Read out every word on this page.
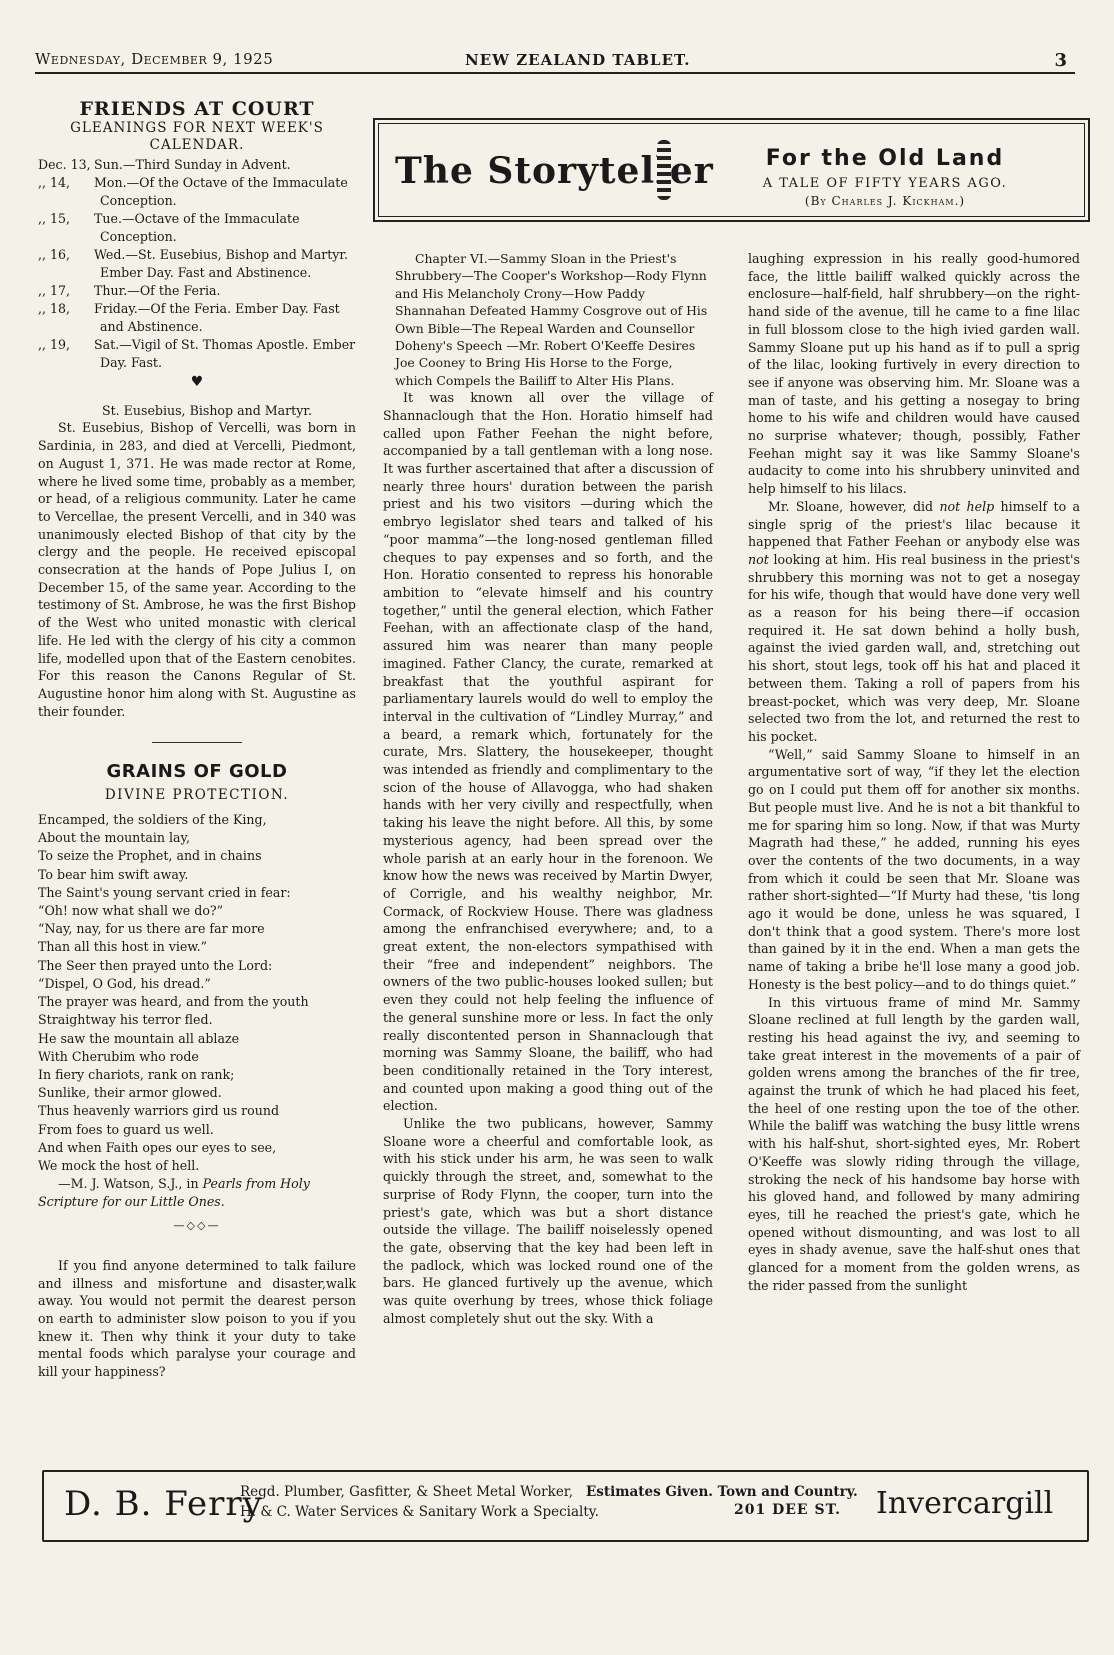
Wednesday, December 9, 1925	NEW ZEALAND TABLET.	3
FRIENDS AT COURT
GLEANINGS FOR NEXT WEEK'S CALENDAR.
Dec. 13, Sun.—Third Sunday in Advent.
,, 14, Mon.—Of the Octave of the Immaculate Conception.
,, 15, Tue.—Octave of the Immaculate Conception.
,, 16, Wed.—St. Eusebius, Bishop and Martyr. Ember Day. Fast and Abstinence.
,, 17, Thur.—Of the Feria.
,, 18, Friday.—Of the Feria. Ember Day. Fast and Abstinence.
,, 19, Sat.—Vigil of St. Thomas Apostle. Ember Day. Fast.
♥

St. Eusebius, Bishop and Martyr.

St. Eusebius, Bishop of Vercelli, was born in Sardinia, in 283, and died at Vercelli, Piedmont, on August 1, 371. He was made rector at Rome, where he lived some time, probably as a member, or head, of a religious community. Later he came to Vercellae, the present Vercelli, and in 340 was unanimously elected Bishop of that city by the clergy and the people. He received episcopal consecration at the hands of Pope Julius I, on December 15, of the same year. According to the testimony of St. Ambrose, he was the first Bishop of the West who united monastic with clerical life. He led with the clergy of his city a common life, modelled upon that of the Eastern cenobites. For this reason the Canons Regular of St. Augustine honor him along with St. Augustine as their founder.

GRAINS OF GOLD
DIVINE PROTECTION.
Encamped, the soldiers of the King,
About the mountain lay,
To seize the Prophet, and in chains
To bear him swift away.
The Saint's young servant cried in fear:
“Oh! now what shall we do?”
“Nay, nay, for us there are far more
Than all this host in view.”
The Seer then prayed unto the Lord:
“Dispel, O God, his dread.”
The prayer was heard, and from the youth
Straightway his terror fled.
He saw the mountain all ablaze
With Cherubim who rode
In fiery chariots, rank on rank;
Sunlike, their armor glowed.
Thus heavenly warriors gird us round
From foes to guard us well.
And when Faith opes our eyes to see,
We mock the host of hell.

—M. J. Watson, S.J., in Pearls from Holy Scripture for our Little Ones.

—◇◇—

If you find anyone determined to talk failure and illness and misfortune and disaster,walk away. You would not permit the dearest person on earth to administer slow poison to you if you knew it. Then why think it your duty to take mental foods which paralyse your courage and kill your happiness?

The Storyteller	For the Old Land
A TALE OF FIFTY YEARS AGO.
(By Charles J. Kickham.)

Chapter VI.—Sammy Sloan in the Priest's Shrubbery—The Cooper's Workshop—Rody Flynn and His Melancholy Crony—How Paddy Shannahan Defeated Hammy Cosgrove out of His Own Bible—The Repeal Warden and Counsellor Doheny's Speech —Mr. Robert O'Keeffe Desires Joe Cooney to Bring His Horse to the Forge, which Compels the Bailiff to Alter His Plans.

It was known all over the village of Shannaclough that the Hon. Horatio himself had called upon Father Feehan the night before, accompanied by a tall gentleman with a long nose. It was further ascertained that after a discussion of nearly three hours' duration between the parish priest and his two visitors —during which the embryo legislator shed tears and talked of his “poor mamma”—the long-nosed gentleman filled cheques to pay expenses and so forth, and the Hon. Horatio consented to repress his honorable ambition to “elevate himself and his country together,” until the general election, which Father Feehan, with an affectionate clasp of the hand, assured him was nearer than many people imagined. Father Clancy, the curate, remarked at breakfast that the youthful aspirant for parliamentary laurels would do well to employ the interval in the cultivation of “Lindley Murray,” and a beard, a remark which, fortunately for the curate, Mrs. Slattery, the housekeeper, thought was intended as friendly and complimentary to the scion of the house of Allavogga, who had shaken hands with her very civilly and respectfully, when taking his leave the night before. All this, by some mysterious agency, had been spread over the whole parish at an early hour in the forenoon. We know how the news was received by Martin Dwyer, of Corrigle, and his wealthy neighbor, Mr. Cormack, of Rockview House. There was gladness among the enfranchised everywhere; and, to a great extent, the non-electors sympathised with their “free and independent” neighbors. The owners of the two public-houses looked sullen; but even they could not help feeling the influence of the general sunshine more or less. In fact the only really discontented person in Shannaclough that morning was Sammy Sloane, the bailiff, who had been conditionally retained in the Tory interest, and counted upon making a good thing out of the election.

Unlike the two publicans, however, Sammy Sloane wore a cheerful and comfortable look, as with his stick under his arm, he was seen to walk quickly through the street, and, somewhat to the surprise of Rody Flynn, the cooper, turn into the priest's gate, which was but a short distance outside the village. The bailiff noiselessly opened the gate, observing that the key had been left in the padlock, which was locked round one of the bars. He glanced furtively up the avenue, which was quite overhung by trees, whose thick foliage almost completely shut out the sky. With a

laughing expression in his really good-humored face, the little bailiff walked quickly across the enclosure—half-field, half shrubbery—on the right-hand side of the avenue, till he came to a fine lilac in full blossom close to the high ivied garden wall. Sammy Sloane put up his hand as if to pull a sprig of the lilac, looking furtively in every direction to see if anyone was observing him. Mr. Sloane was a man of taste, and his getting a nosegay to bring home to his wife and children would have caused no surprise whatever; though, possibly, Father Feehan might say it was like Sammy Sloane's audacity to come into his shrubbery uninvited and help himself to his lilacs.

Mr. Sloane, however, did not help himself to a single sprig of the priest's lilac because it happened that Father Feehan or anybody else was not looking at him. His real business in the priest's shrubbery this morning was not to get a nosegay for his wife, though that would have done very well as a reason for his being there—if occasion required it. He sat down behind a holly bush, against the ivied garden wall, and, stretching out his short, stout legs, took off his hat and placed it between them. Taking a roll of papers from his breast-pocket, which was very deep, Mr. Sloane selected two from the lot, and returned the rest to his pocket.

“Well,” said Sammy Sloane to himself in an argumentative sort of way, “if they let the election go on I could put them off for another six months. But people must live. And he is not a bit thankful to me for sparing him so long. Now, if that was Murty Magrath had these,” he added, running his eyes over the contents of the two documents, in a way from which it could be seen that Mr. Sloane was rather short-sighted—“If Murty had these, 'tis long ago it would be done, unless he was squared, I don't think that a good system. There's more lost than gained by it in the end. When a man gets the name of taking a bribe he'll lose many a good job. Honesty is the best policy—and to do things quiet.”

In this virtuous frame of mind Mr. Sammy Sloane reclined at full length by the garden wall, resting his head against the ivy, and seeming to take great interest in the movements of a pair of golden wrens among the branches of the fir tree, against the trunk of which he had placed his feet, the heel of one resting upon the toe of the other. While the baliff was watching the busy little wrens with his half-shut, short-sighted eyes, Mr. Robert O'Keeffe was slowly riding through the village, stroking the neck of his handsome bay horse with his gloved hand, and followed by many admiring eyes, till he reached the priest's gate, which he opened without dismounting, and was lost to all eyes in shady avenue, save the half-shut ones that glanced for a moment from the golden wrens, as the rider passed from the sunlight

D. B. Ferry
Regd. Plumber, Gasfitter, & Sheet Metal Worker, Estimates Given. Town and Country.
H. & C. Water Services & Sanitary Work a Specialty.	201 DEE ST. Invercargill
